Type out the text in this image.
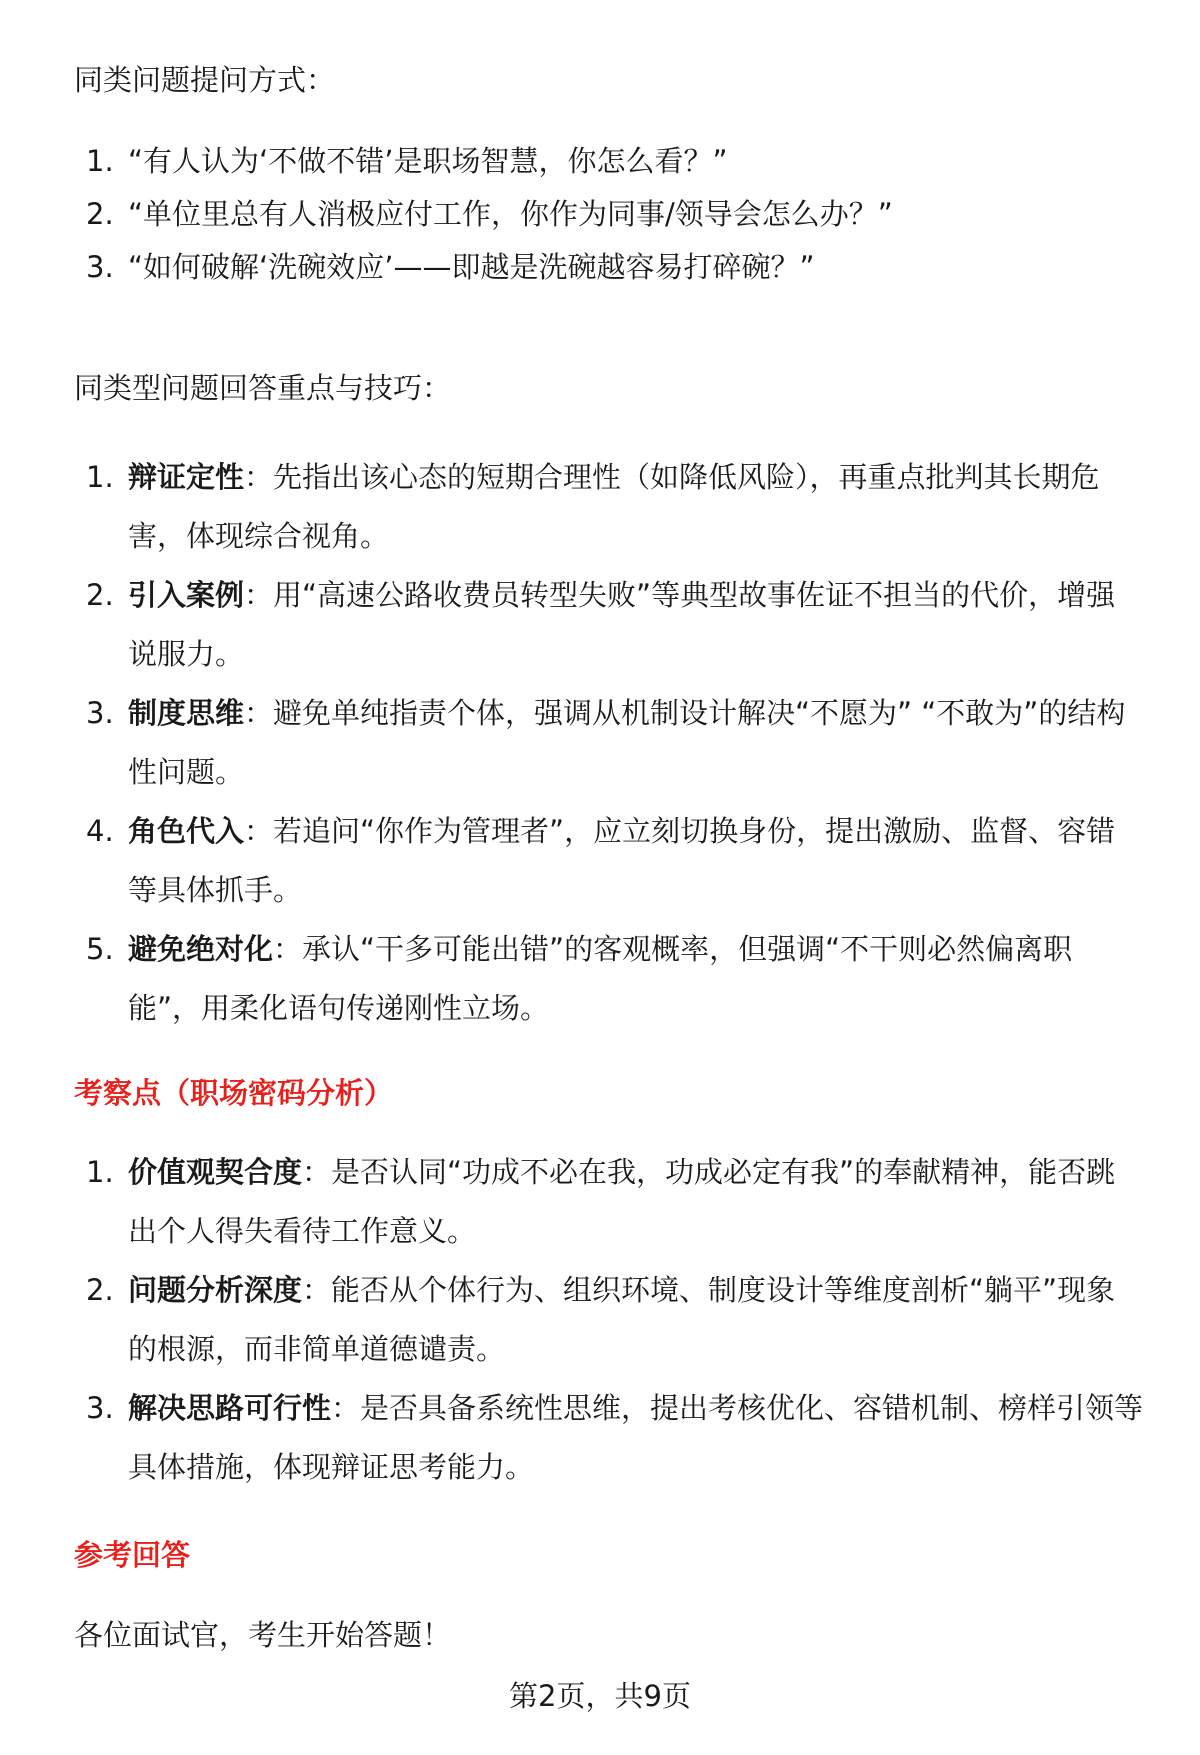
同类问题提问方式：
1. “有人认为‘不做不错’是职场智慧，你怎么看？”
2. “单位里总有人消极应付工作，你作为同事/领导会怎么办？”
3. “如何破解‘洗碗效应’——即越是洗碗越容易打碎碗？”
同类型问题回答重点与技巧：
1. 辩证定性：先指出该心态的短期合理性（如降低风险），再重点批判其长期危害，体现综合视角。
2. 引入案例：用“高速公路收费员转型失败”等典型故事佐证不担当的代价，增强说服力。
3. 制度思维：避免单纯指责个体，强调从机制设计解决“不愿为” “不敢为”的结构性问题。
4. 角色代入：若追问“你作为管理者”，应立刻切换身份，提出激励、监督、容错等具体抓手。
5. 避免绝对化：承认“干多可能出错”的客观概率，但强调“不干则必然偏离职能”，用柔化语句传递刚性立场。
考察点（职场密码分析）
1. 价值观契合度：是否认同“功成不必在我，功成必定有我”的奉献精神，能否跳出个人得失看待工作意义。
2. 问题分析深度：能否从个体行为、组织环境、制度设计等维度剖析“躺平”现象的根源，而非简单道德谴责。
3. 解决思路可行性：是否具备系统性思维，提出考核优化、容错机制、榜样引领等具体措施，体现辩证思考能力。
参考回答
各位面试官，考生开始答题！
第2页，共9页
